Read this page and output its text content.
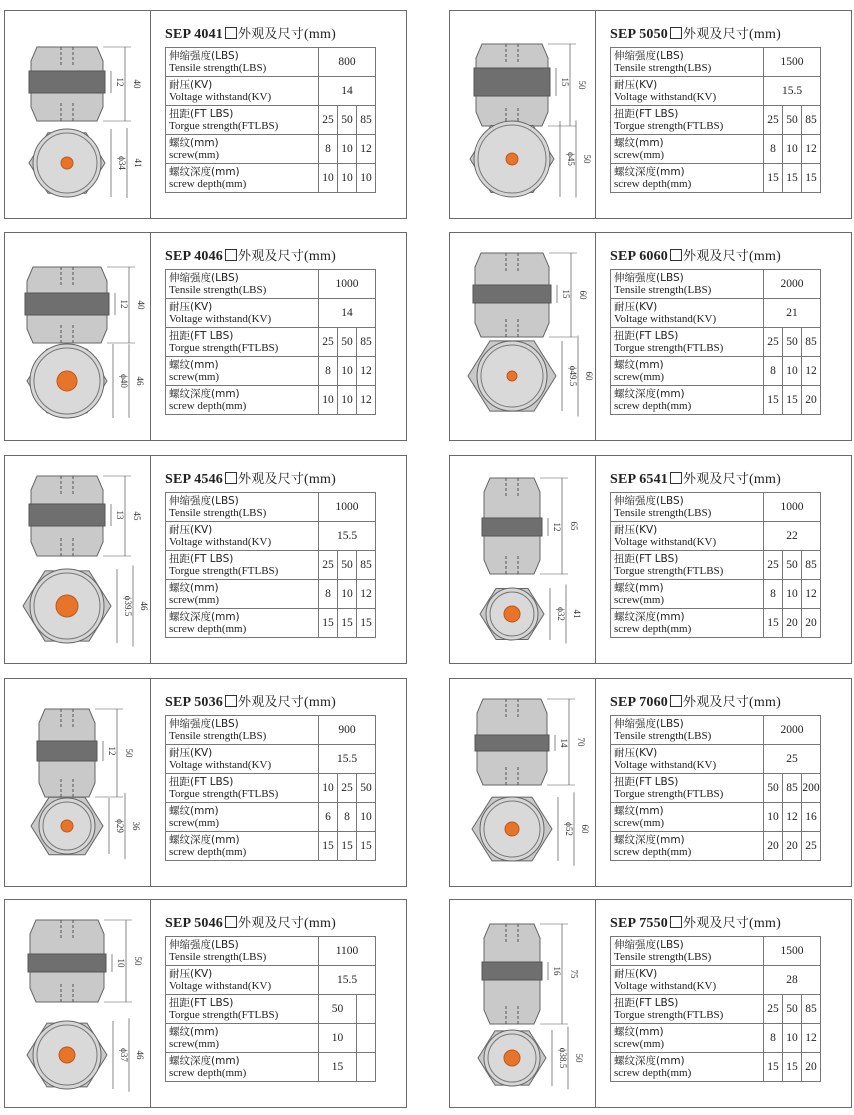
40
12
ϕ34 41
SEP 4041 外观及尺寸(mm)
伸缩强度(LBS)
Tensile strength(LBS)	800		
耐压(KV)
Voltage withstand(KV)	14		
扭距(FT LBS)
Torgue strength(FTLBS)	25	50	85
螺纹(mm)
screw(mm)	8	10	12
螺纹深度(mm)
screw depth(mm)	10	10	10
50
15
ϕ45 50
SEP 5050 外观及尺寸(mm)
伸缩强度(LBS)
Tensile strength(LBS)	1500		
耐压(KV)
Voltage withstand(KV)	15.5		
扭距(FT LBS)
Torgue strength(FTLBS)	25	50	85
螺纹(mm)
screw(mm)	8	10	12
螺纹深度(mm)
screw depth(mm)	15	15	15
40
12
ϕ40 46
SEP 4046 外观及尺寸(mm)
伸缩强度(LBS)
Tensile strength(LBS)	1000		
耐压(KV)
Voltage withstand(KV)	14		
扭距(FT LBS)
Torgue strength(FTLBS)	25	50	85
螺纹(mm)
screw(mm)	8	10	12
螺纹深度(mm)
screw depth(mm)	10	10	12
60
15
ϕ49.5 60
SEP 6060 外观及尺寸(mm)
伸缩强度(LBS)
Tensile strength(LBS)	2000		
耐压(KV)
Voltage withstand(KV)	21		
扭距(FT LBS)
Torgue strength(FTLBS)	25	50	85
螺纹(mm)
screw(mm)	8	10	12
螺纹深度(mm)
screw depth(mm)	15	15	20
45
13
ϕ39.5 46
SEP 4546 外观及尺寸(mm)
伸缩强度(LBS)
Tensile strength(LBS)	1000		
耐压(KV)
Voltage withstand(KV)	15.5		
扭距(FT LBS)
Torgue strength(FTLBS)	25	50	85
螺纹(mm)
screw(mm)	8	10	12
螺纹深度(mm)
screw depth(mm)	15	15	15
65
12
ϕ32 41
SEP 6541 外观及尺寸(mm)
伸缩强度(LBS)
Tensile strength(LBS)	1000		
耐压(KV)
Voltage withstand(KV)	22		
扭距(FT LBS)
Torgue strength(FTLBS)	25	50	85
螺纹(mm)
screw(mm)	8	10	12
螺纹深度(mm)
screw depth(mm)	15	20	20
50
12
ϕ29 36
SEP 5036 外观及尺寸(mm)
伸缩强度(LBS)
Tensile strength(LBS)	900		
耐压(KV)
Voltage withstand(KV)	15.5		
扭距(FT LBS)
Torgue strength(FTLBS)	10	25	50
螺纹(mm)
screw(mm)	6	8	10
螺纹深度(mm)
screw depth(mm)	15	15	15
70
14
ϕ52 60
SEP 7060 外观及尺寸(mm)
伸缩强度(LBS)
Tensile strength(LBS)	2000		
耐压(KV)
Voltage withstand(KV)	25		
扭距(FT LBS)
Torgue strength(FTLBS)	50	85	200
螺纹(mm)
screw(mm)	10	12	16
螺纹深度(mm)
screw depth(mm)	20	20	25
50
10
ϕ37 46
SEP 5046 外观及尺寸(mm)
伸缩强度(LBS)
Tensile strength(LBS)	1100	
耐压(KV)
Voltage withstand(KV)	15.5	
扭距(FT LBS)
Torgue strength(FTLBS)	50	
螺纹(mm)
screw(mm)	10	
螺纹深度(mm)
screw depth(mm)	15	
75
16
ϕ38.5 50
SEP 7550 外观及尺寸(mm)
伸缩强度(LBS)
Tensile strength(LBS)	1500		
耐压(KV)
Voltage withstand(KV)	28		
扭距(FT LBS)
Torgue strength(FTLBS)	25	50	85
螺纹(mm)
screw(mm)	8	10	12
螺纹深度(mm)
screw depth(mm)	15	15	20
